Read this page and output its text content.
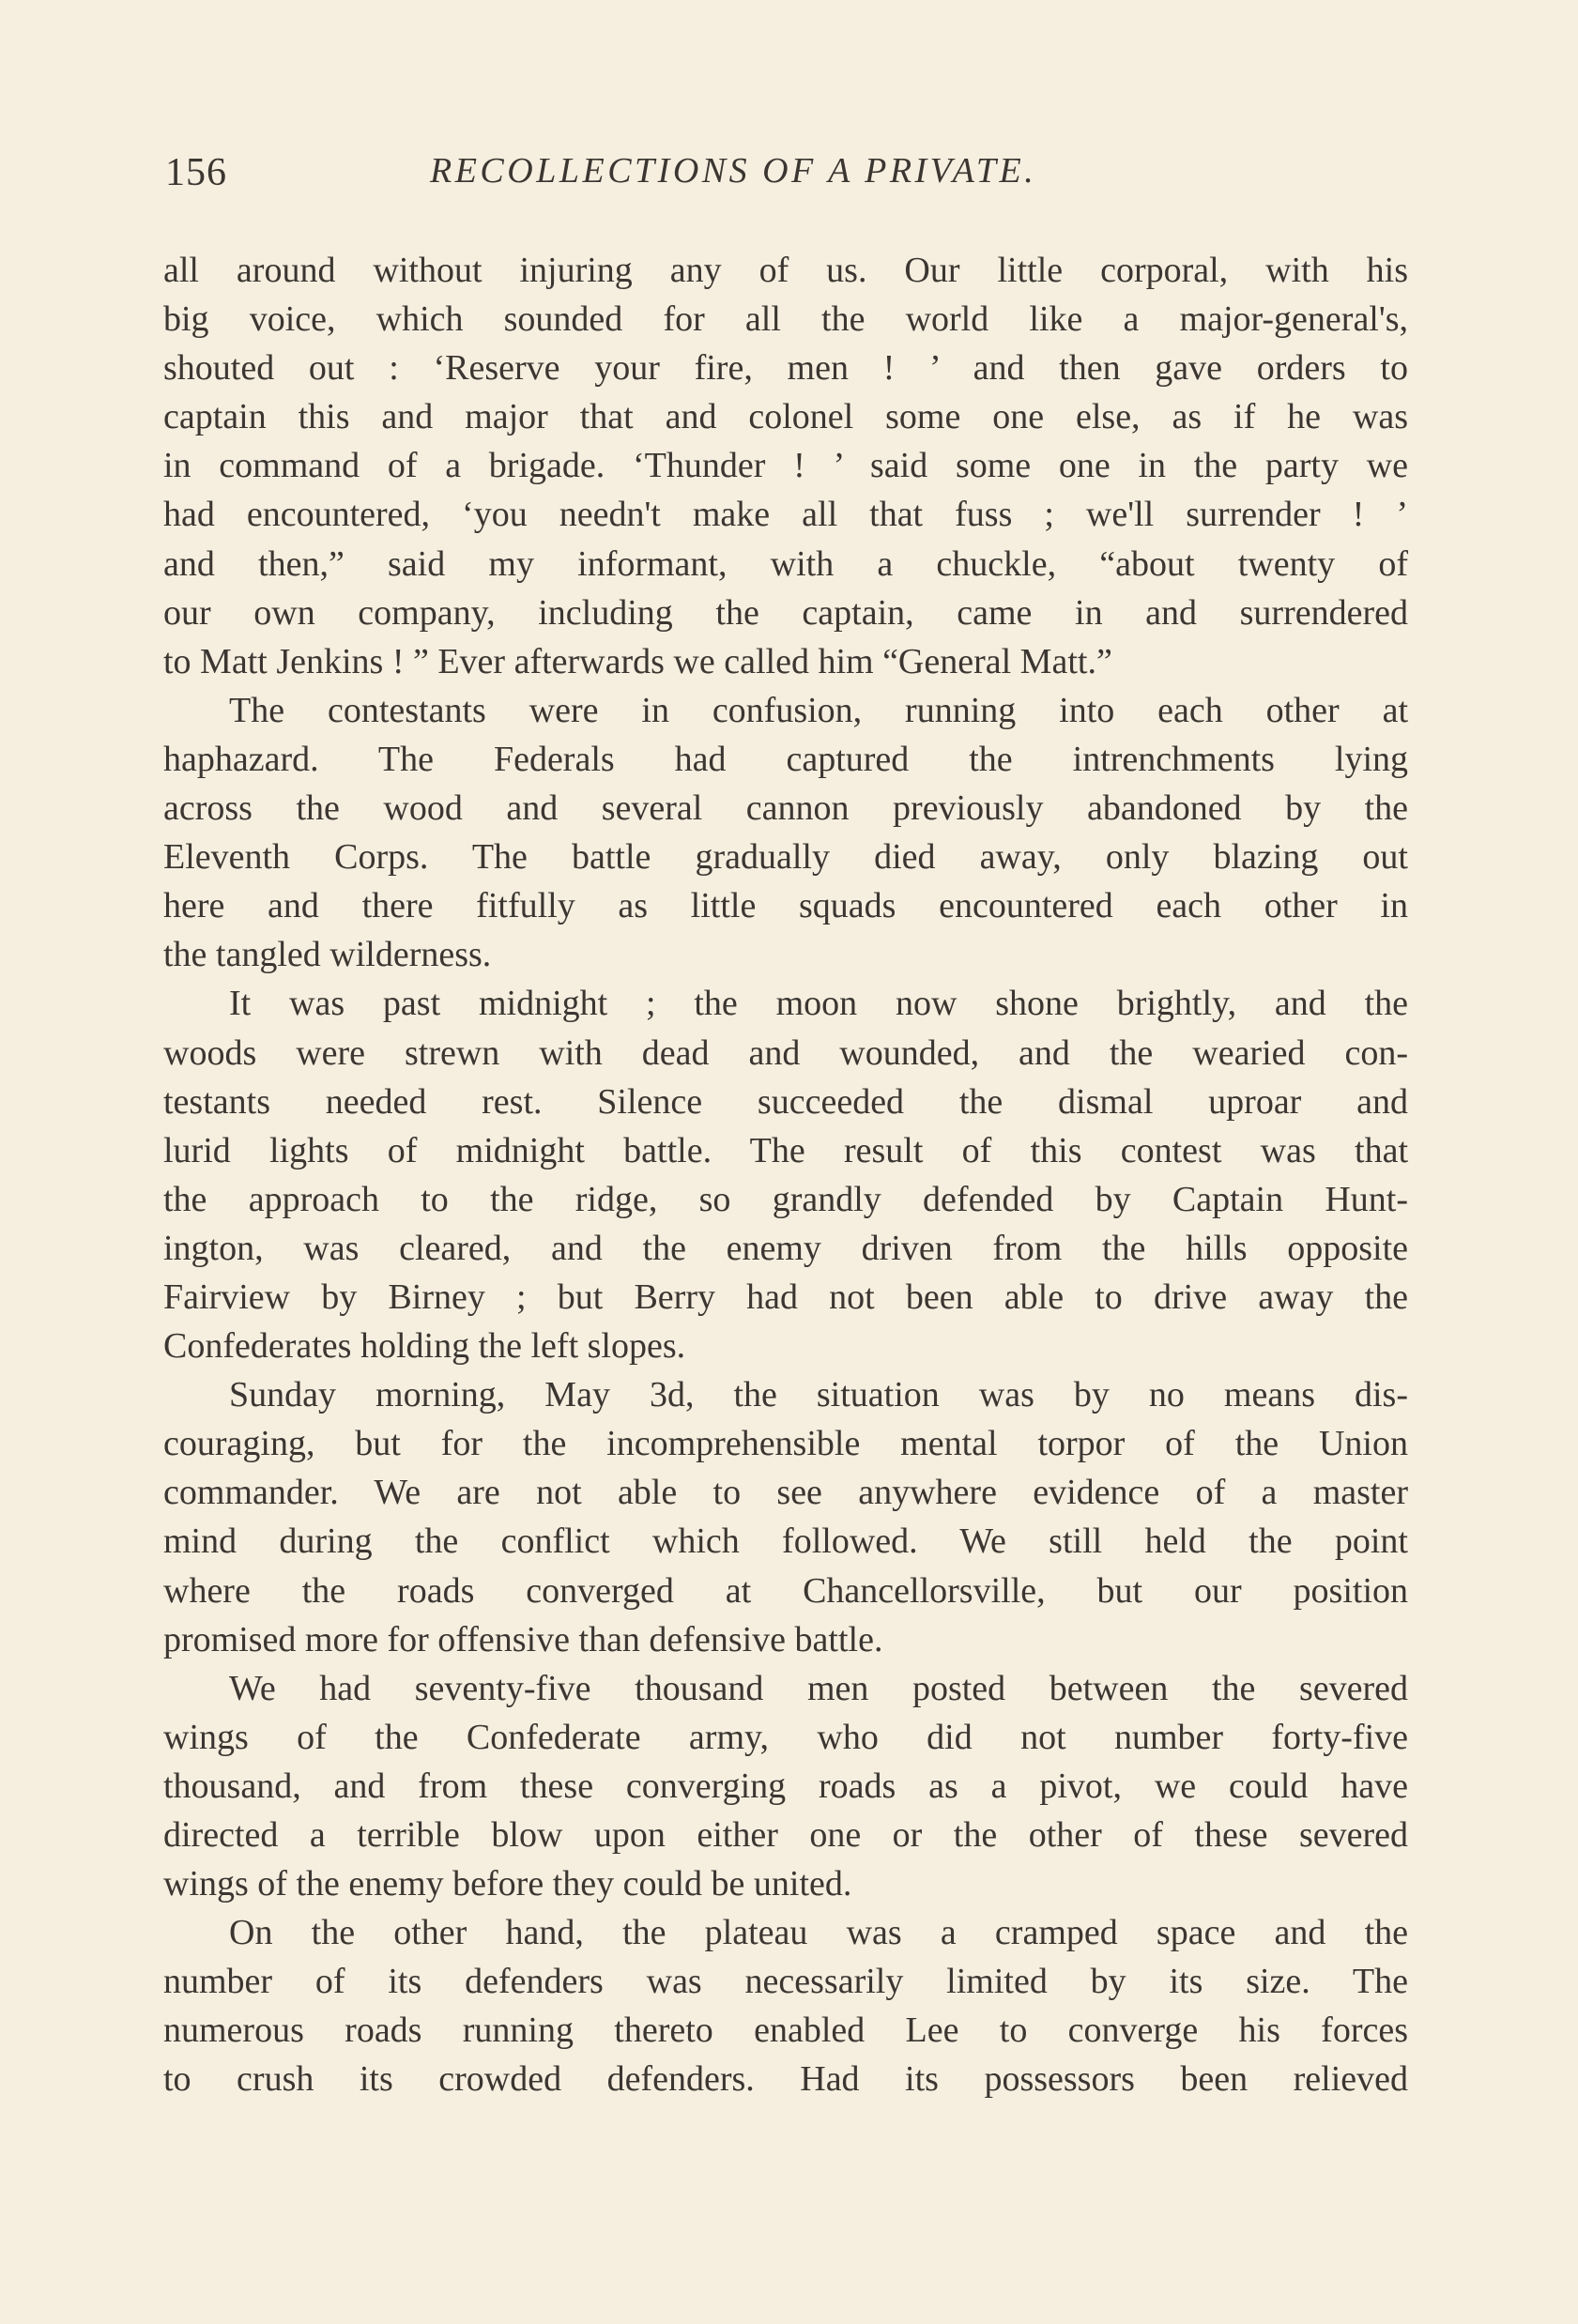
156	RECOLLECTIONS OF A PRIVATE.
all around without injuring any of us. Our little corporal, with his
big voice, which sounded for all the world like a major-general's,
shouted out : ‘Reserve your fire, men ! ’ and then gave orders to
captain this and major that and colonel some one else, as if he was
in command of a brigade. ‘Thunder ! ’ said some one in the party we
had encountered, ‘you needn't make all that fuss ; we'll surrender ! ’
and then,” said my informant, with a chuckle, “about twenty of
our own company, including the captain, came in and surrendered
to Matt Jenkins ! ” Ever afterwards we called him “General Matt.”
The contestants were in confusion, running into each other at
haphazard. The Federals had captured the intrenchments lying
across the wood and several cannon previously abandoned by the
Eleventh Corps. The battle gradually died away, only blazing out
here and there fitfully as little squads encountered each other in
the tangled wilderness.
It was past midnight ; the moon now shone brightly, and the
woods were strewn with dead and wounded, and the wearied con-
testants needed rest. Silence succeeded the dismal uproar and
lurid lights of midnight battle. The result of this contest was that
the approach to the ridge, so grandly defended by Captain Hunt-
ington, was cleared, and the enemy driven from the hills opposite
Fairview by Birney ; but Berry had not been able to drive away the
Confederates holding the left slopes.
Sunday morning, May 3d, the situation was by no means dis-
couraging, but for the incomprehensible mental torpor of the Union
commander. We are not able to see anywhere evidence of a master
mind during the conflict which followed. We still held the point
where the roads converged at Chancellorsville, but our position
promised more for offensive than defensive battle.
We had seventy-five thousand men posted between the severed
wings of the Confederate army, who did not number forty-five
thousand, and from these converging roads as a pivot, we could have
directed a terrible blow upon either one or the other of these severed
wings of the enemy before they could be united.
On the other hand, the plateau was a cramped space and the
number of its defenders was necessarily limited by its size. The
numerous roads running thereto enabled Lee to converge his forces
to crush its crowded defenders. Had its possessors been relieved
